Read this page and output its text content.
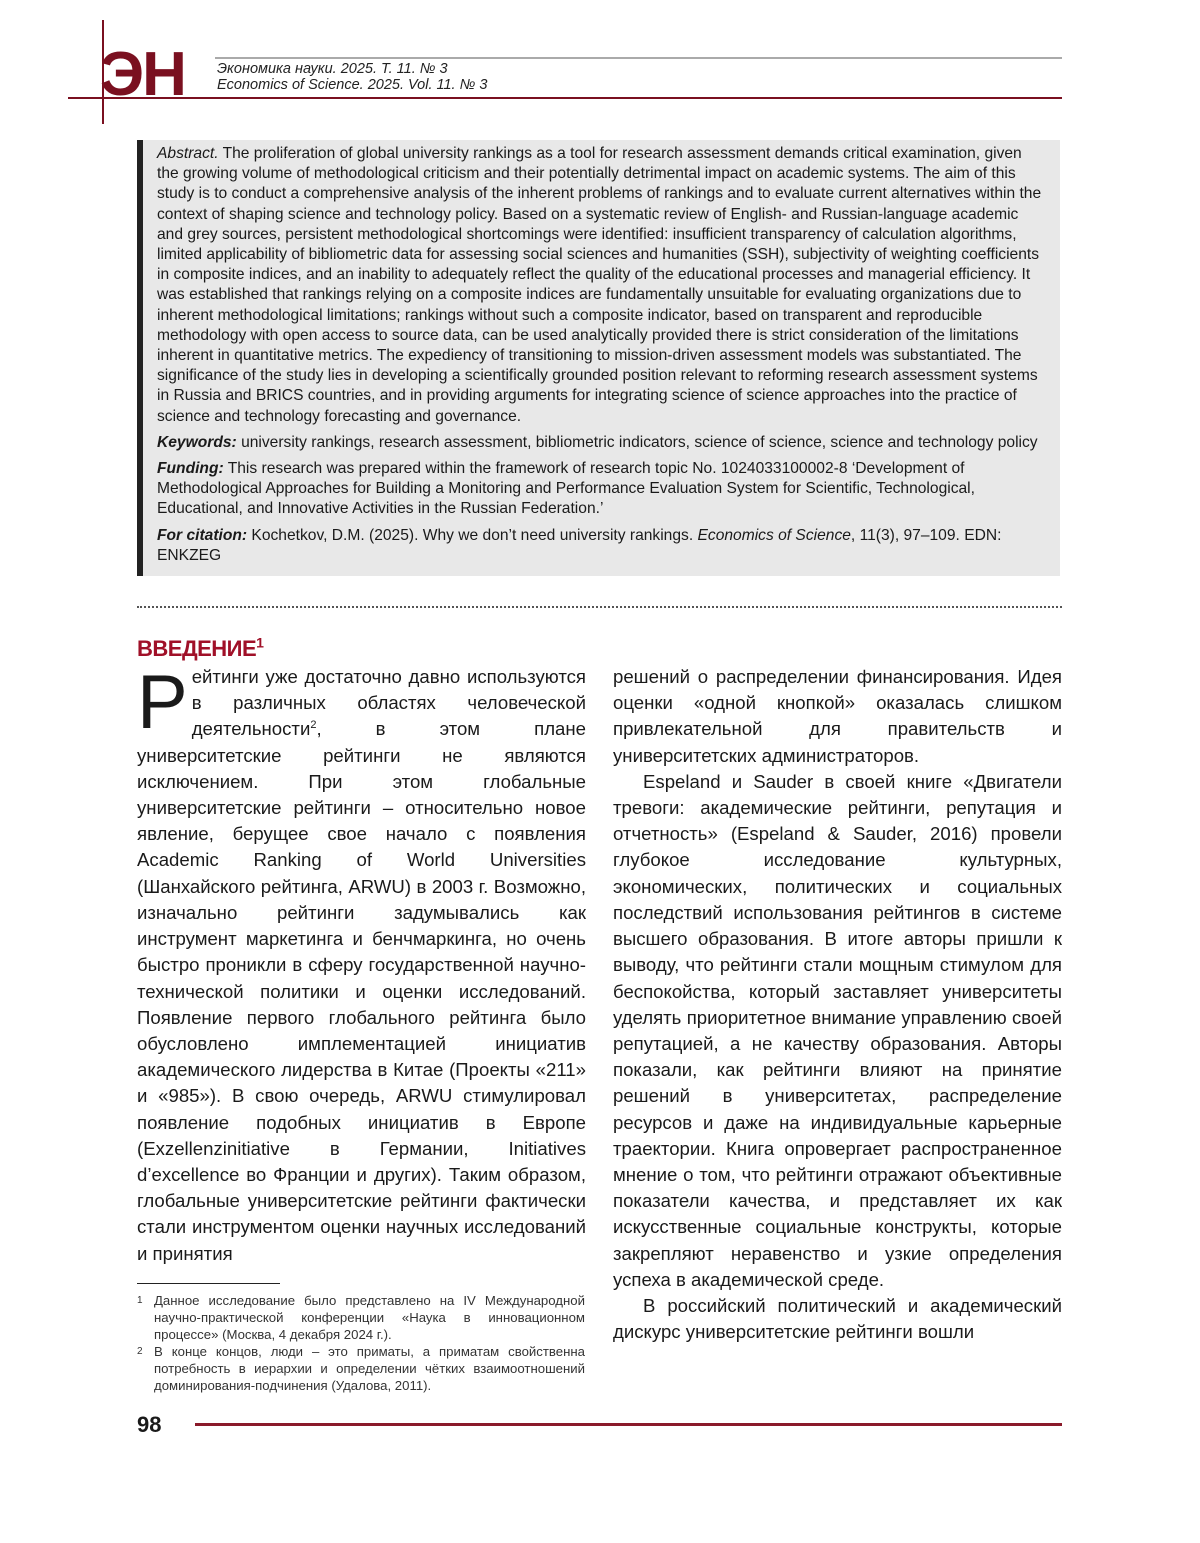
ЭН Экономика науки. 2025. Т. 11. № 3
Economics of Science. 2025. Vol. 11. № 3

Abstract. The proliferation of global university rankings as a tool for research assessment demands critical examination, given the growing volume of methodological criticism and their potentially detrimental impact on academic systems. The aim of this study is to conduct a comprehensive analysis of the inherent problems of rankings and to evaluate current alternatives within the context of shaping science and technology policy. Based on a systematic review of English- and Russian-language academic and grey sources, persistent methodological shortcomings were identified: insufficient transparency of calculation algorithms, limited applicability of bibliometric data for assessing social sciences and humanities (SSH), subjectivity of weighting coefficients in composite indices, and an inability to adequately reflect the quality of the educational processes and managerial efficiency. It was established that rankings relying on a composite indices are fundamentally unsuitable for evaluating organizations due to inherent methodological limitations; rankings without such a composite indicator, based on transparent and reproducible methodology with open access to source data, can be used analytically provided there is strict consideration of the limitations inherent in quantitative metrics. The expediency of transitioning to mission-driven assessment models was substantiated. The significance of the study lies in developing a scientifically grounded position relevant to reforming research assessment systems in Russia and BRICS countries, and in providing arguments for integrating science of science approaches into the practice of science and technology forecasting and governance.

Keywords: university rankings, research assessment, bibliometric indicators, science of science, science and technology policy

Funding: This research was prepared within the framework of research topic No. 1024033100002-8 ‘Development of Methodological Approaches for Building a Monitoring and Performance Evaluation System for Scientific, Technological, Educational, and Innovative Activities in the Russian Federation.’

For citation: Kochetkov, D.M. (2025). Why we don’t need university rankings. Economics of Science, 11(3), 97–109. EDN: ENKZEG

ВВЕДЕНИЕ1

Р ейтинги уже достаточно давно используются в различных областях человеческой деятельности2, в этом плане университетские рейтинги не являются исключением. При этом глобальные университетские рейтинги – относительно новое явление, берущее свое начало с появления Academic Ranking of World Universities (Шанхайского рейтинга, ARWU) в 2003 г. Возможно, изначально рейтинги задумывались как инструмент маркетинга и бенчмаркинга, но очень быстро проникли в сферу государственной научно-технической политики и оценки исследований. Появление первого глобального рейтинга было обусловлено имплементацией инициатив академического лидерства в Китае (Проекты «211» и «985»). В свою очередь, ARWU стимулировал появление подобных инициатив в Европе (Exzellenzinitiative в Германии, Initiatives d’excellence во Франции и других). Таким образом, глобальные университетские рейтинги фактически стали инструментом оценки научных исследований и принятия

1 Данное исследование было представлено на IV Международной научно-практической конференции «Наука в инновационном процессе» (Москва, 4 декабря 2024 г.).
2 В конце концов, люди – это приматы, а приматам свойственна потребность в иерархии и определении чётких взаимоотношений доминирования-подчинения (Удалова, 2011).

решений о распределении финансирования. Идея оценки «одной кнопкой» оказалась слишком привлекательной для правительств и университетских администраторов.

Espeland и Sauder в своей книге «Двигатели тревоги: академические рейтинги, репутация и отчетность» (Espeland & Sauder, 2016) провели глубокое исследование культурных, экономических, политических и социальных последствий использования рейтингов в системе высшего образования. В итоге авторы пришли к выводу, что рейтинги стали мощным стимулом для беспокойства, который заставляет университеты уделять приоритетное внимание управлению своей репутацией, а не качеству образования. Авторы показали, как рейтинги влияют на принятие решений в университетах, распределение ресурсов и даже на индивидуальные карьерные траектории. Книга опровергает распространенное мнение о том, что рейтинги отражают объективные показатели качества, и представляет их как искусственные социальные конструкты, которые закрепляют неравенство и узкие определения успеха в академической среде.

В российский политический и академический дискурс университетские рейтинги вошли

98
